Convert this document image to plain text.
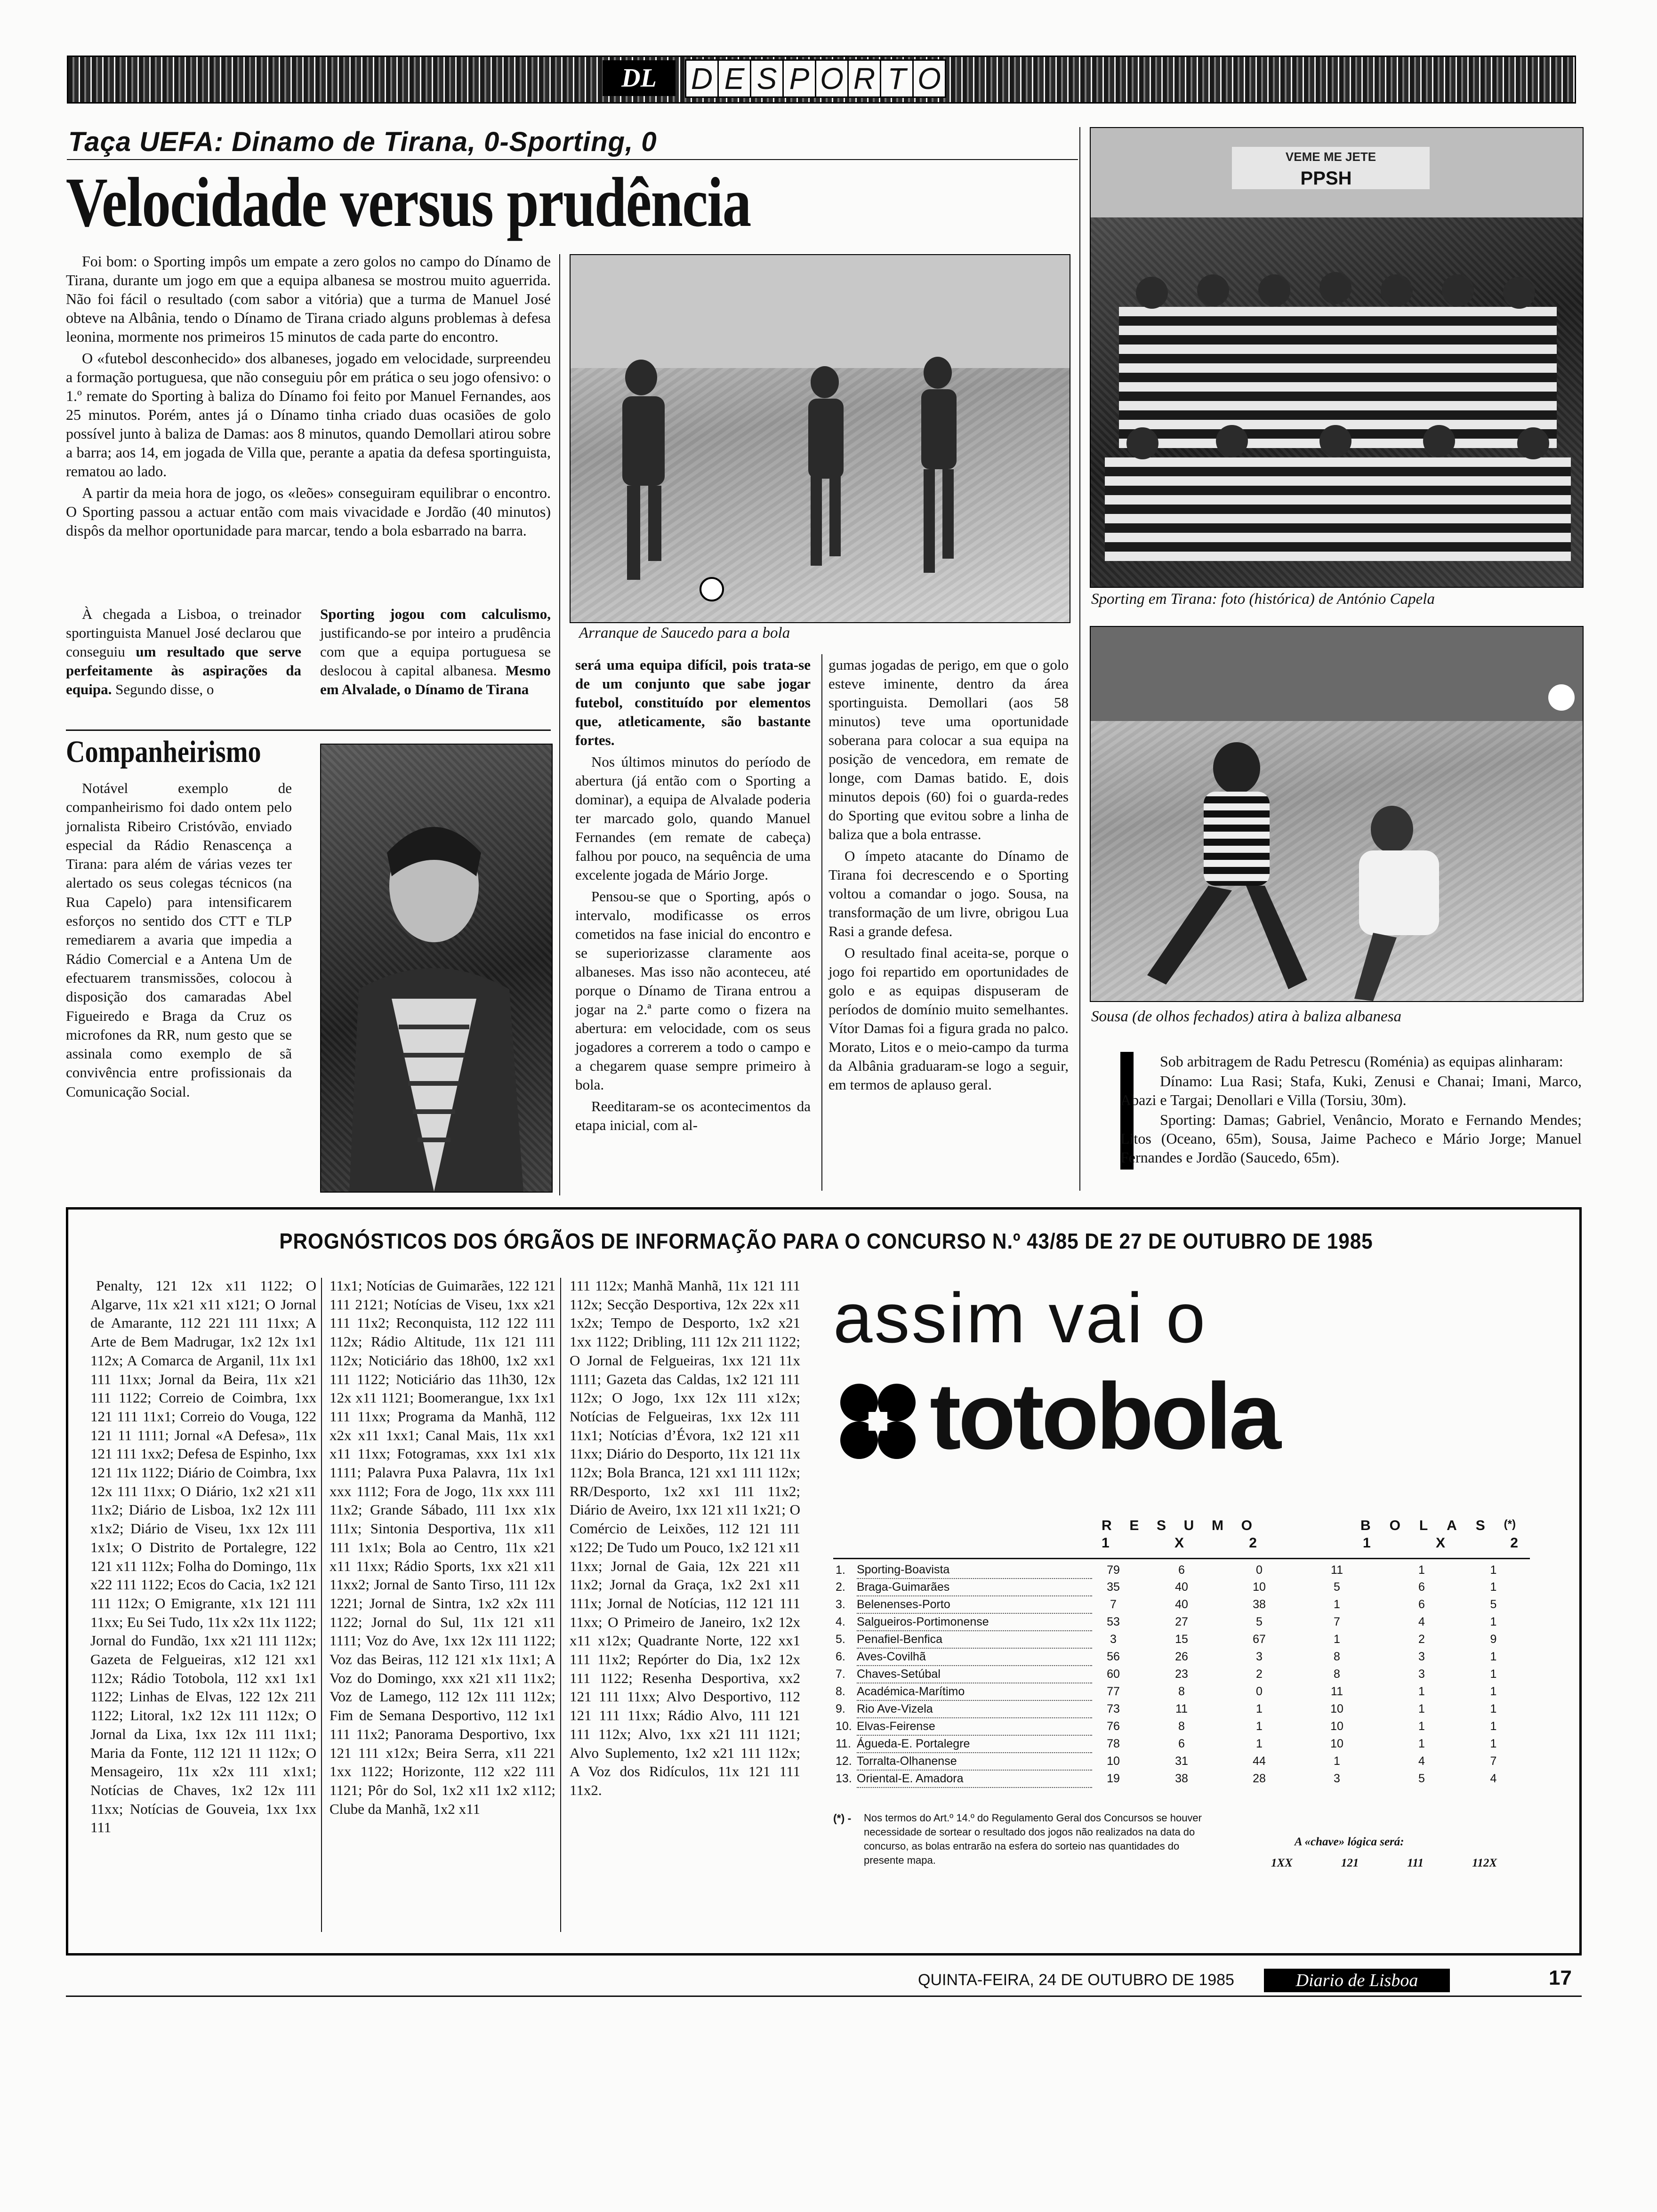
DL	D E S P O R T O
Taça UEFA: Dinamo de Tirana, 0-Sporting, 0
Velocidade versus prudência

Foi bom: o Sporting impôs um empate a zero golos no campo do Dínamo de Tirana, durante um jogo em que a equipa albanesa se mostrou muito aguerrida. Não foi fácil o resultado (com sabor a vitória) que a turma de Manuel José obteve na Albânia, tendo o Dínamo de Tirana criado alguns problemas à defesa leonina, mormente nos primeiros 15 minutos de cada parte do encontro.

O «futebol desconhecido» dos albaneses, jogado em velocidade, surpreendeu a formação portuguesa, que não conseguiu pôr em prática o seu jogo ofensivo: o 1.º remate do Sporting à baliza do Dínamo foi feito por Manuel Fernandes, aos 25 minutos. Porém, antes já o Dínamo tinha criado duas ocasiões de golo possível junto à baliza de Damas: aos 8 minutos, quando Demollari atirou sobre a barra; aos 14, em jogada de Villa que, perante a apatia da defesa sportinguista, rematou ao lado.

A partir da meia hora de jogo, os «leões» conseguiram equilibrar o encontro. O Sporting passou a actuar então com mais vivacidade e Jordão (40 minutos) dispôs da melhor oportunidade para marcar, tendo a bola esbarrado na barra.

À chegada a Lisboa, o treinador sportinguista Manuel José declarou que conseguiu um resultado que serve perfeitamente às aspirações da equipa. Segundo disse, o

Sporting jogou com calculismo, justificando-se por inteiro a prudência com que a equipa portuguesa se deslocou à capital albanesa. Mesmo em Alvalade, o Dínamo de Tirana

Companheirismo

Notável exemplo de companheirismo foi dado ontem pelo jornalista Ribeiro Cristóvão, enviado especial da Rádio Renascença a Tirana: para além de várias vezes ter alertado os seus colegas técnicos (na Rua Capelo) para intensificarem esforços no sentido dos CTT e TLP remediarem a avaria que impedia a Rádio Comercial e a Antena Um de efectuarem transmissões, colocou à disposição dos camaradas Abel Figueiredo e Braga da Cruz os microfones da RR, num gesto que se assinala como exemplo de sã convivência entre profissionais da Comunicação Social.

Arranque de Saucedo para a bola

será uma equipa difícil, pois trata-se de um conjunto que sabe jogar futebol, constituído por elementos que, atleticamente, são bastante fortes.

Nos últimos minutos do período de abertura (já então com o Sporting a dominar), a equipa de Alvalade poderia ter marcado golo, quando Manuel Fernandes (em remate de cabeça) falhou por pouco, na sequência de uma excelente jogada de Mário Jorge.

Pensou-se que o Sporting, após o intervalo, modificasse os erros cometidos na fase inicial do encontro e se superiorizasse claramente aos albaneses. Mas isso não aconteceu, até porque o Dínamo de Tirana entrou a jogar na 2.ª parte como o fizera na abertura: em velocidade, com os seus jogadores a correrem a todo o campo e a chegarem quase sempre primeiro à bola.

Reeditaram-se os acontecimentos da etapa inicial, com al-

gumas jogadas de perigo, em que o golo esteve iminente, dentro da área sportinguista. Demollari (aos 58 minutos) teve uma oportunidade soberana para colocar a sua equipa na posição de vencedora, em remate de longe, com Damas batido. E, dois minutos depois (60) foi o guarda-redes do Sporting que evitou sobre a linha de baliza que a bola entrasse.

O ímpeto atacante do Dínamo de Tirana foi decrescendo e o Sporting voltou a comandar o jogo. Sousa, na transformação de um livre, obrigou Lua Rasi a grande defesa.

O resultado final aceita-se, porque o jogo foi repartido em oportunidades de golo e as equipas dispuseram de períodos de domínio muito semelhantes. Vítor Damas foi a figura grada no palco. Morato, Litos e o meio-campo da turma da Albânia graduaram-se logo a seguir, em termos de aplauso geral.

VEME ME JETE
PPSH
Sporting em Tirana: foto (histórica) de António Capela
Sousa (de olhos fechados) atira à baliza albanesa

Sob arbitragem de Radu Petrescu (Roménia) as equipas alinharam:

Dínamo: Lua Rasi; Stafa, Kuki, Zenusi e Chanai; Imani, Marco, Abazi e Targai; Denollari e Villa (Torsiu, 30m).

Sporting: Damas; Gabriel, Venâncio, Morato e Fernando Mendes; Litos (Oceano, 65m), Sousa, Jaime Pacheco e Mário Jorge; Manuel Fernandes e Jordão (Saucedo, 65m).

PROGNÓSTICOS DOS ÓRGÃOS DE INFORMAÇÃO PARA O CONCURSO N.º 43/85 DE 27 DE OUTUBRO DE 1985

Penalty, 121 12x x11 1122; O Algarve, 11x x21 x11 x121; O Jornal de Amarante, 112 221 111 11xx; A Arte de Bem Madrugar, 1x2 12x 1x1 112x; A Comarca de Arganil, 11x 1x1 111 11xx; Jornal da Beira, 11x x21 111 1122; Correio de Coimbra, 1xx 121 111 11x1; Correio do Vouga, 122 121 11 1111; Jornal «A Defesa», 11x 121 111 1xx2; Defesa de Espinho, 1xx 121 11x 1122; Diário de Coimbra, 1xx 12x 111 11xx; O Diário, 1x2 x21 x11 11x2; Diário de Lisboa, 1x2 12x 111 x1x2; Diário de Viseu, 1xx 12x 111 1x1x; O Distrito de Portalegre, 122 121 x11 112x; Folha do Domingo, 11x x22 111 1122; Ecos do Cacia, 1x2 121 111 112x; O Emigrante, x1x 121 111 11xx; Eu Sei Tudo, 11x x2x 11x 1122; Jornal do Fundão, 1xx x21 111 112x; Gazeta de Felgueiras, x12 121 xx1 112x; Rádio Totobola, 112 xx1 1x1 1122; Linhas de Elvas, 122 12x 211 1122; Litoral, 1x2 12x 111 112x; O Jornal da Lixa, 1xx 12x 111 11x1; Maria da Fonte, 112 121 11 112x; O Mensageiro, 11x x2x 111 x1x1; Notícias de Chaves, 1x2 12x 111 11xx; Notícias de Gouveia, 1xx 1xx 111

11x1; Notícias de Guimarães, 122 121 111 2121; Notícias de Viseu, 1xx x21 111 11x2; Reconquista, 112 122 111 112x; Rádio Altitude, 11x 121 111 112x; Noticiário das 18h00, 1x2 xx1 111 1122; Noticiário das 11h30, 12x 12x x11 1121; Boomerangue, 1xx 1x1 111 11xx; Programa da Manhã, 112 x2x x11 1xx1; Canal Mais, 11x xx1 x11 11xx; Fotogramas, xxx 1x1 x1x 1111; Palavra Puxa Palavra, 11x 1x1 xxx 1112; Fora de Jogo, 11x xxx 111 11x2; Grande Sábado, 111 1xx x1x 111x; Sintonia Desportiva, 11x x11 111 1x1x; Bola ao Centro, 11x x21 x11 11xx; Rádio Sports, 1xx x21 x11 11xx2; Jornal de Santo Tirso, 111 12x 1221; Jornal de Sintra, 1x2 x2x 111 1122; Jornal do Sul, 11x 121 x11 1111; Voz do Ave, 1xx 12x 111 1122; Voz das Beiras, 112 121 x1x 11x1; A Voz do Domingo, xxx x21 x11 11x2; Voz de Lamego, 112 12x 111 112x; Fim de Semana Desportivo, 112 1x1 111 11x2; Panorama Desportivo, 1xx 121 111 x12x; Beira Serra, x11 221 1xx 1122; Horizonte, 112 x22 111 1121; Pôr do Sol, 1x2 x11 1x2 x112; Clube da Manhã, 1x2 x11

111 112x; Manhã Manhã, 11x 121 111 112x; Secção Desportiva, 12x 22x x11 1x2x; Tempo de Desporto, 1x2 x21 1xx 1122; Dribling, 111 12x 211 1122; O Jornal de Felgueiras, 1xx 121 11x 1111; Gazeta das Caldas, 1x2 121 111 112x; O Jogo, 1xx 12x 111 x12x; Notícias de Felgueiras, 1xx 12x 111 11x1; Notícias d’Évora, 1x2 121 x11 11xx; Diário do Desporto, 11x 121 11x 112x; Bola Branca, 121 xx1 111 112x; RR/Desporto, 1x2 xx1 111 11x2; Diário de Aveiro, 1xx 121 x11 1x21; O Comércio de Leixões, 112 121 111 x122; De Tudo um Pouco, 1x2 121 x11 11xx; Jornal de Gaia, 12x 221 x11 11x2; Jornal da Graça, 1x2 2x1 x11 111x; Jornal de Notícias, 112 121 111 11xx; O Primeiro de Janeiro, 1x2 12x x11 x12x; Quadrante Norte, 122 xx1 111 11x2; Repórter do Dia, 1x2 12x 111 1122; Resenha Desportiva, xx2 121 111 11xx; Alvo Desportivo, 112 121 111 11xx; Rádio Alvo, 111 121 111 112x; Alvo, 1xx x21 111 1121; Alvo Suplemento, 1x2 x21 111 112x; A Voz dos Ridículos, 11x 121 111 11x2.

assim vai o
totobola
R E S U M O	B O L A S (*)
1	X	2	1	X	2
1.	Sporting-Boavista	79	6	0	11	1	1
2.	Braga-Guimarães	35	40	10	5	6	1
3.	Belenenses-Porto	7	40	38	1	6	5
4.	Salgueiros-Portimonense	53	27	5	7	4	1
5.	Penafiel-Benfica	3	15	67	1	2	9
6.	Aves-Covilhã	56	26	3	8	3	1
7.	Chaves-Setúbal	60	23	2	8	3	1
8.	Académica-Marítimo	77	8	0	11	1	1
9.	Rio Ave-Vizela	73	11	1	10	1	1
10.	Elvas-Feirense	76	8	1	10	1	1
11.	Águeda-E. Portalegre	78	6	1	10	1	1
12.	Torralta-Olhanense	10	31	44	1	4	7
13.	Oriental-E. Amadora	19	38	28	3	5	4
(*) - Nos termos do Art.º 14.º do Regulamento Geral dos Concursos se houver necessidade de sortear o resultado dos jogos não realizados na data do concurso, as bolas entrarão na esfera do sorteio nas quantidades do presente mapa.
A «chave» lógica será:
1XX	121	111	112X
QUINTA-FEIRA, 24 DE OUTUBRO DE 1985	Diario de Lisboa	17
